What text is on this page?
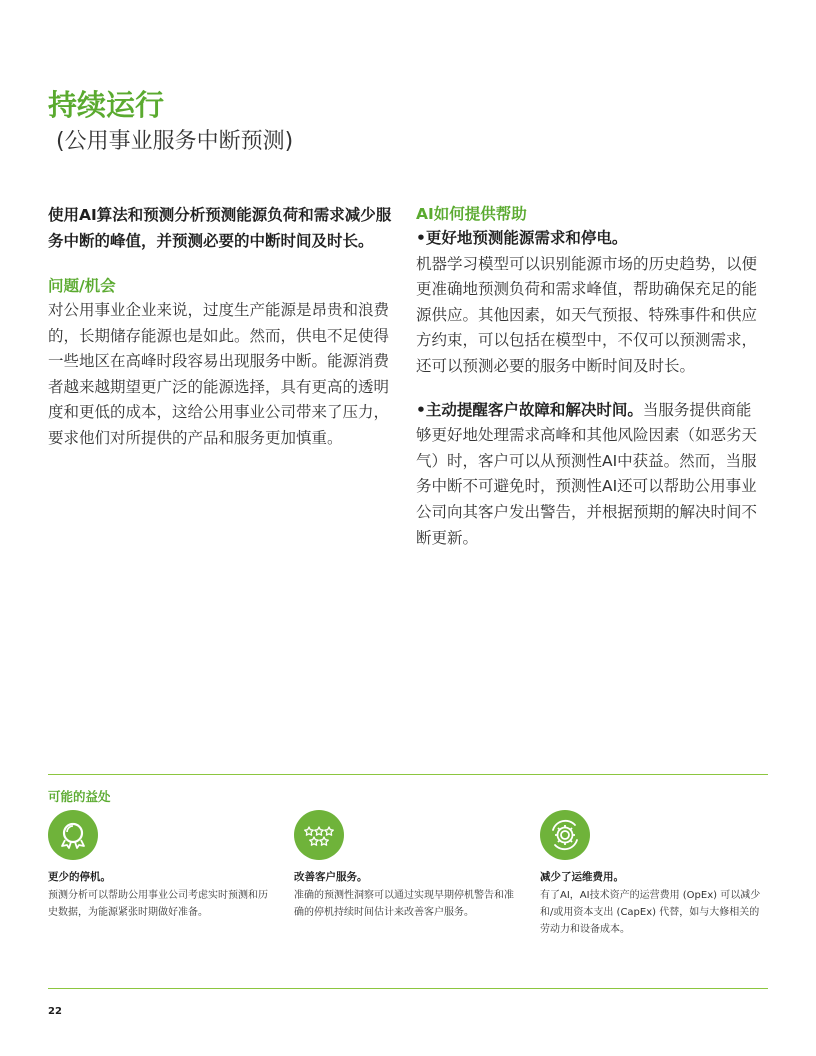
持续运行
(公用事业服务中断预测)

使用AI算法和预测分析预测能源负荷和需求减少服务中断的峰值，并预测必要的中断时间及时长。

问题/机会

对公用事业企业来说，过度生产能源是昂贵和浪费的，长期储存能源也是如此。然而，供电不足使得一些地区在高峰时段容易出现服务中断。能源消费者越来越期望更广泛的能源选择，具有更高的透明度和更低的成本，这给公用事业公司带来了压力，要求他们对所提供的产品和服务更加慎重。

AI如何提供帮助

•更好地预测能源需求和停电。
机器学习模型可以识别能源市场的历史趋势，以便更准确地预测负荷和需求峰值，帮助确保充足的能源供应。其他因素，如天气预报、特殊事件和供应方约束，可以包括在模型中，不仅可以预测需求，还可以预测必要的服务中断时间及时长。

•主动提醒客户故障和解决时间。当服务提供商能够更好地处理需求高峰和其他风险因素（如恶劣天气）时，客户可以从预测性AI中获益。然而，当服务中断不可避免时，预测性AI还可以帮助公用事业公司向其客户发出警告，并根据预期的解决时间不断更新。

可能的益处

更少的停机。

预测分析可以帮助公用事业公司考虑实时预测和历史数据，为能源紧张时期做好准备。

改善客户服务。

准确的预测性洞察可以通过实现早期停机警告和准确的停机持续时间估计来改善客户服务。

减少了运维费用。

有了AI，AI技术资产的运营费用 (OpEx) 可以减少和/或用资本支出 (CapEx) 代替，如与大修相关的劳动力和设备成本。

22
